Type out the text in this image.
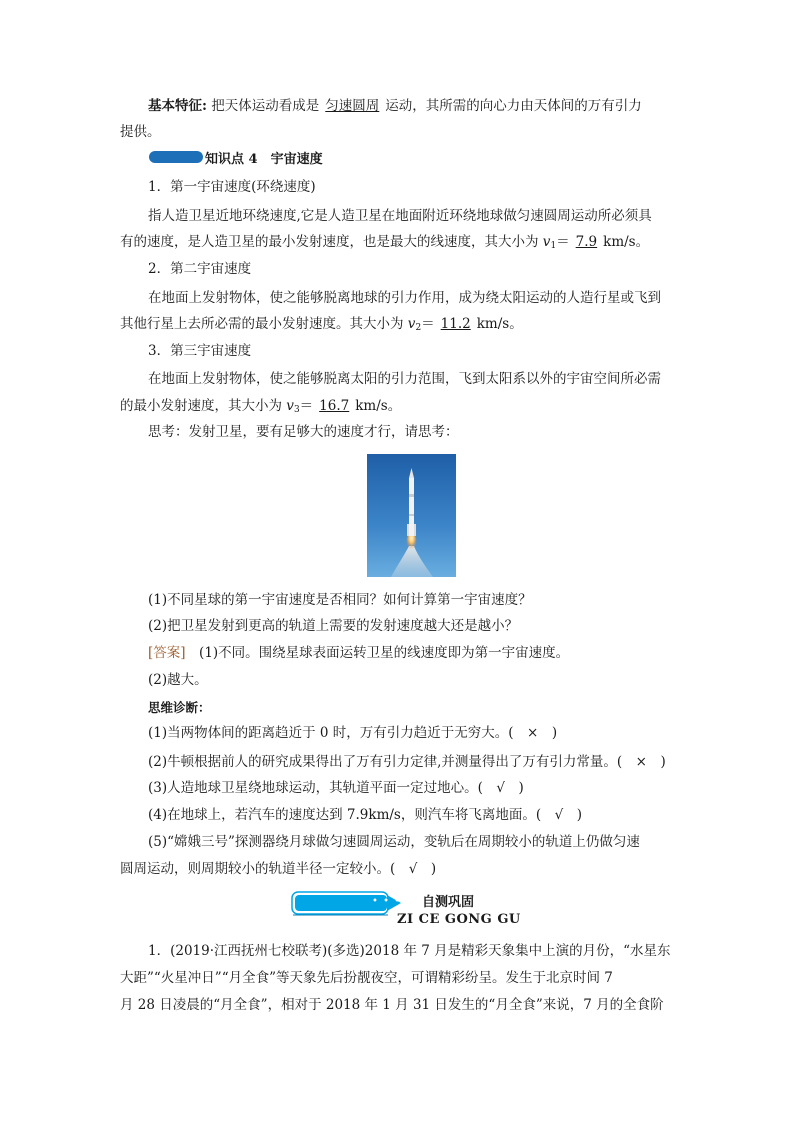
基本特征: 把天体运动看成是 匀速圆周 运动，其所需的向心力由天体间的万有引力
提供。
知识点 4　宇宙速度
1．第一宇宙速度(环绕速度)
指人造卫星近地环绕速度,它是人造卫星在地面附近环绕地球做匀速圆周运动所必须具
有的速度，是人造卫星的最小发射速度，也是最大的线速度，其大小为 $v_1= 7.9$ km/s。
2．第二宇宙速度
在地面上发射物体，使之能够脱离地球的引力作用，成为绕太阳运动的人造行星或飞到
其他行星上去所必需的最小发射速度。其大小为 $v_2= 11.2$ km/s。
3．第三宇宙速度
在地面上发射物体，使之能够脱离太阳的引力范围，飞到太阳系以外的宇宙空间所必需
的最小发射速度，其大小为 $v_3= 16.7$ km/s。
思考：发射卫星，要有足够大的速度才行，请思考：
(1)不同星球的第一宇宙速度是否相同？如何计算第一宇宙速度？
(2)把卫星发射到更高的轨道上需要的发射速度越大还是越小？
[答案]　(1)不同。围绕星球表面运转卫星的线速度即为第一宇宙速度。
(2)越大。
思维诊断：
(1)当两物体间的距离趋近于 0 时，万有引力趋近于无穷大。(　×　)
(2)牛顿根据前人的研究成果得出了万有引力定律,并测量得出了万有引力常量。(　×　)
(3)人造地球卫星绕地球运动，其轨道平面一定过地心。(　√　)
(4)在地球上，若汽车的速度达到 7.9km/s，则汽车将飞离地面。(　√　)
(5)“嫦娥三号”探测器绕月球做匀速圆周运动，变轨后在周期较小的轨道上仍做匀速
圆周运动，则周期较小的轨道半径一定较小。(　√　)
• • • 自测巩固
ZI CE GONG GU
1．(2019·江西抚州七校联考)(多选)2018 年 7 月是精彩天象集中上演的月份，“水星东
大距”“火星冲日”“月全食”等天象先后扮靓夜空，可谓精彩纷呈。发生于北京时间 7
月 28 日凌晨的“月全食”，相对于 2018 年 1 月 31 日发生的“月全食”来说，7 月的全食阶
